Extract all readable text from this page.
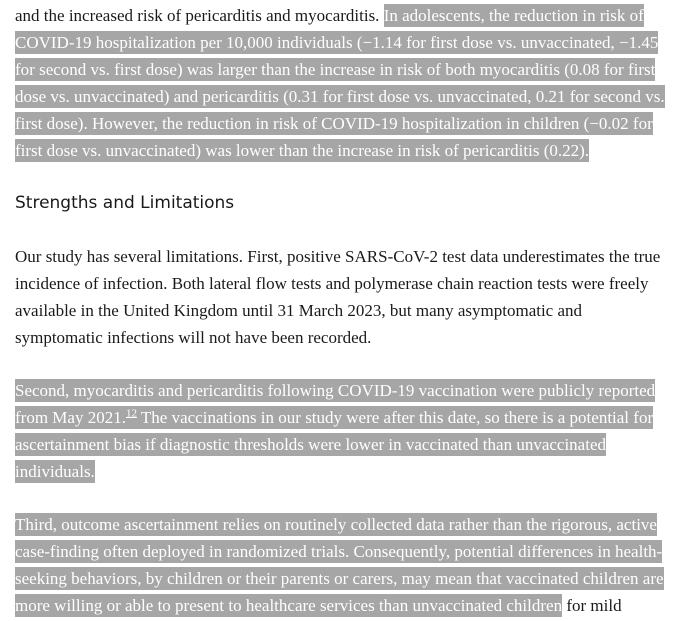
and the increased risk of pericarditis and myocarditis. In adolescents, the reduction in risk of COVID-19 hospitalization per 10,000 individuals (−1.14 for first dose vs. unvaccinated, −1.45 for second vs. first dose) was larger than the increase in risk of both myocarditis (0.08 for first dose vs. unvaccinated) and pericarditis (0.31 for first dose vs. unvaccinated, 0.21 for second vs. first dose). However, the reduction in risk of COVID-19 hospitalization in children (−0.02 for first dose vs. unvaccinated) was lower than the increase in risk of pericarditis (0.22).

Strengths and Limitations

Our study has several limitations. First, positive SARS-CoV-2 test data underestimates the true incidence of infection. Both lateral flow tests and polymerase chain reaction tests were freely available in the United Kingdom until 31 March 2023, but many asymptomatic and symptomatic infections will not have been recorded.

Second, myocarditis and pericarditis following COVID-19 vaccination were publicly reported from May 2021.12 The vaccinations in our study were after this date, so there is a potential for ascertainment bias if diagnostic thresholds were lower in vaccinated than unvaccinated individuals.

Third, outcome ascertainment relies on routinely collected data rather than the rigorous, active case-finding often deployed in randomized trials. Consequently, potential differences in health-seeking behaviors, by children or their parents or carers, may mean that vaccinated children are more willing or able to present to healthcare services than unvaccinated children for mild
